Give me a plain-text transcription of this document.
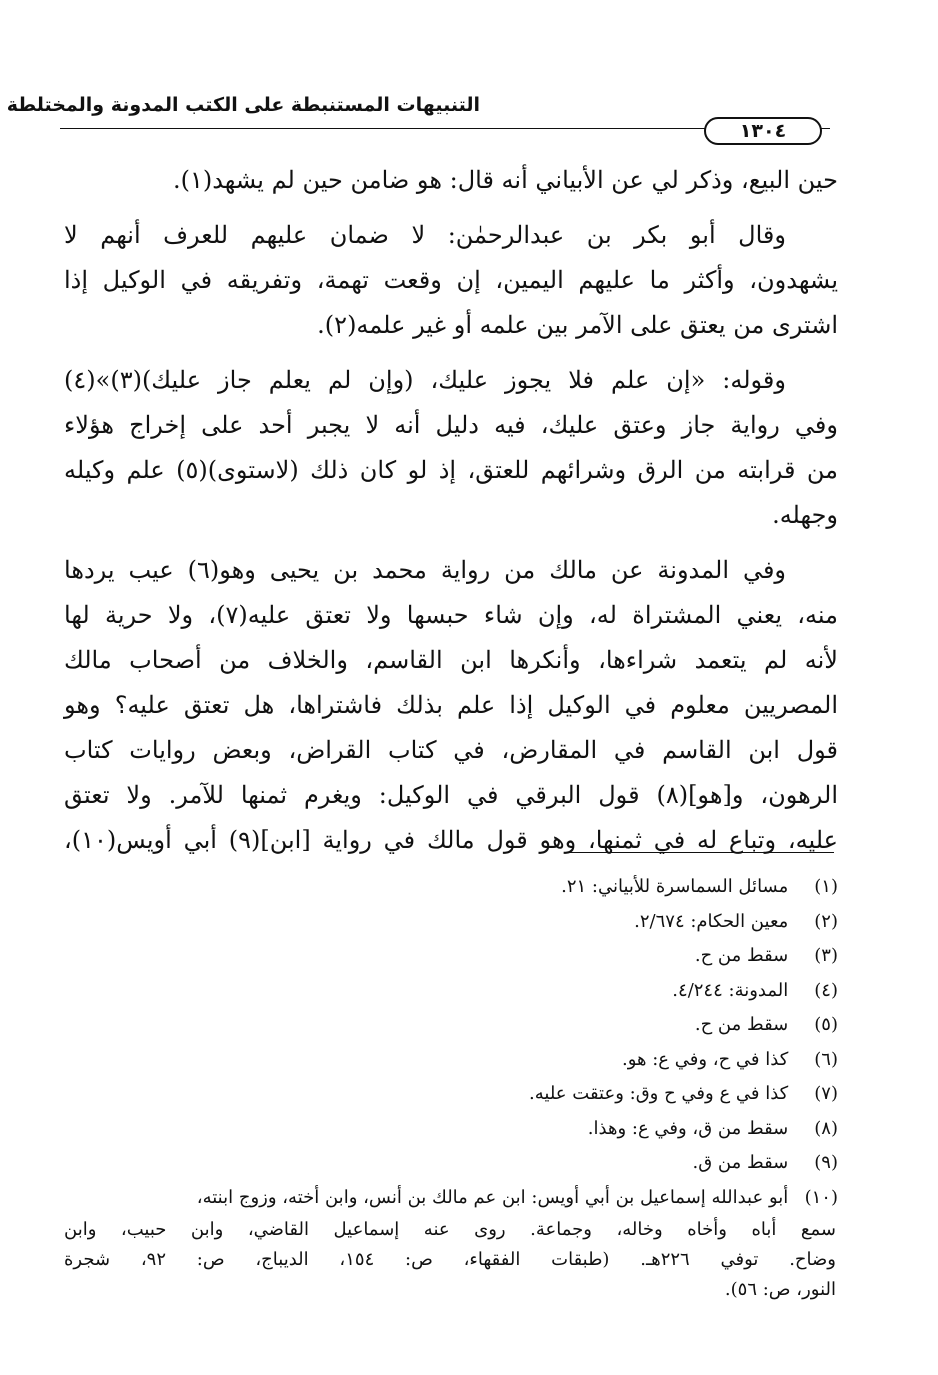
التنبيهات المستنبطة على الكتب المدونة والمختلطة
١٣٠٤

حين البيع، وذكر لي عن الأبياني أنه قال: هو ضامن حين لم يشهد(١).

وقال أبو بكر بن عبدالرحمٰن: لا ضمان عليهم للعرف أنهم لا
يشهدون، وأكثر ما عليهم اليمين، إن وقعت تهمة، وتفريقه في الوكيل إذا
اشترى من يعتق على الآمر بين علمه أو غير علمه(٢).

وقوله: «إن علم فلا يجوز عليك، (وإن لم يعلم جاز عليك)(٣)»(٤)
وفي رواية جاز وعتق عليك، فيه دليل أنه لا يجبر أحد على إخراج هؤلاء
من قرابته من الرق وشرائهم للعتق، إذ لو كان ذلك (لاستوى)(٥) علم وكيله
وجهله.

وفي المدونة عن مالك من رواية محمد بن يحيى وهو(٦) عيب يردها
منه، يعني المشتراة له، وإن شاء حبسها ولا تعتق عليه(٧)، ولا حرية لها
لأنه لم يتعمد شراءها، وأنكرها ابن القاسم، والخلاف من أصحاب مالك
المصريين معلوم في الوكيل إذا علم بذلك فاشتراها، هل تعتق عليه؟ وهو
قول ابن القاسم في المقارض، في كتاب القراض، وبعض روايات كتاب
الرهون، و[هو](٨) قول البرقي في الوكيل: ويغرم ثمنها للآمر. ولا تعتق
عليه، وتباع له في ثمنها، وهو قول مالك في رواية [ابن](٩) أبي أويس(١٠)،

(١) مسائل السماسرة للأبياني: ٢١.
(٢) معين الحكام: ٢/٦٧٤.
(٣) سقط من ح.
(٤) المدونة: ٤/٢٤٤.
(٥) سقط من ح.
(٦) كذا في ح، وفي ع: هو.
(٧) كذا في ع وفي ح وق: وعتقت عليه.
(٨) سقط من ق، وفي ع: وهذا.
(٩) سقط من ق.
(١٠) أبو عبدالله إسماعيل بن أبي أويس: ابن عم مالك بن أنس، وابن أخته، وزوج ابنته،
سمع أباه وأخاه وخاله، وجماعة. روى عنه إسماعيل القاضي، وابن حبيب، وابن
وضاح. توفي ٢٢٦هـ. (طبقات الفقهاء، ص: ١٥٤، الديباج، ص: ٩٢، شجرة
النور، ص: ٥٦).
